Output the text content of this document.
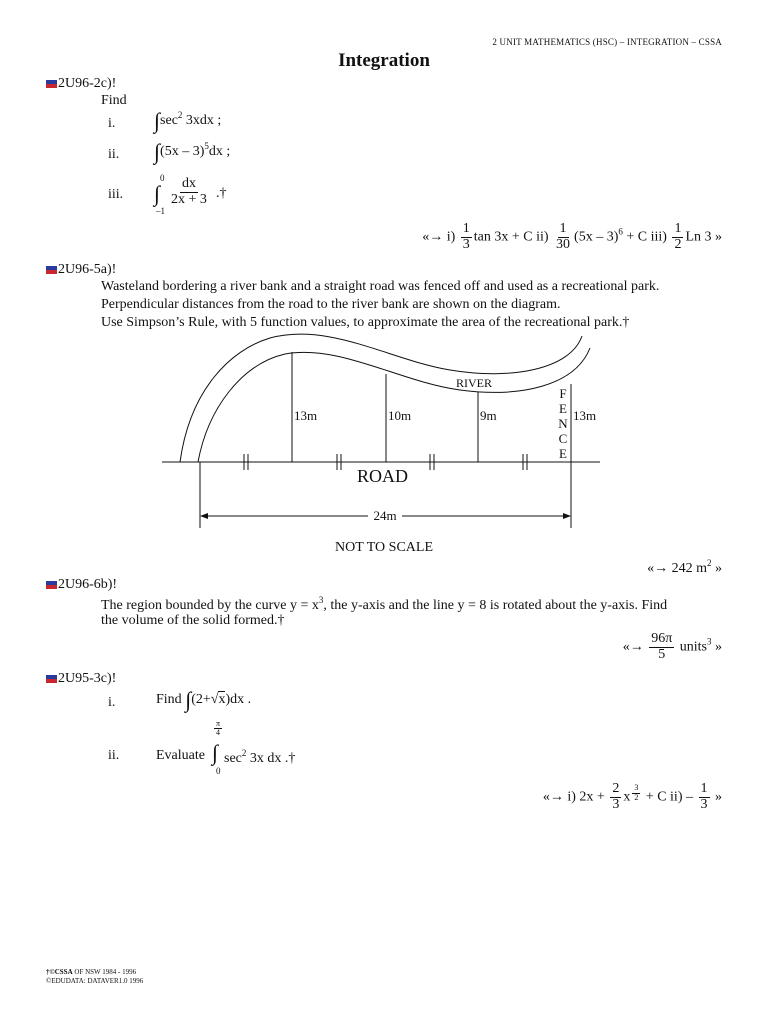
2 UNIT MATHEMATICS (HSC) – INTEGRATION – CSSA
Integration
2U96-2c)!
Find
i. $\int\sec^2$ 3xdx ;
ii. ∫(5x – 3)$^5$dx ;
iii.
0
∫
–1
$\frac{dx}{2x + 3}$ .†
«→ $i) \frac{1}{3}$ tan 3x + C $ii) \frac{1}{30} (5x - 3)^6 + C$ $iii) \frac{1}{2}$ Ln 3 »
2U96-5a)!
Wasteland bordering a river bank and a straight road was fenced off and used as a recreational park.
Perpendicular distances from the road to the river bank are shown on the diagram.
Use Simpson’s Rule, with 5 function values, to approximate the area of the recreational park.†
24m
RIVER
ROAD
13m	10m	9m	13m
F
E
N
C
E
NOT TO SCALE
«→ 242 $m^2$ »
2U96-6b)!
The region bounded by the curve $y = x^3$, the y-axis and the line y = 8 is rotated about the y-axis. Find
the volume of the solid formed.†
«→ $\frac{96\pi}{5}$ units$^3$ »
2U95-3c)!
i.	Find ∫(2+√x)dx .
ii.	Evaluate
$\frac{\pi}{4}$
∫
0
$\sec^2 3x$ dx .†
«→ i) $2x + \frac{2}{3}$ x $\frac{3}{2} + C$ $ii) - \frac{1}{3}$ »
†©CSSA OF NSW 1984 - 1996
©EDUDATA: DATAVER1.0 1996
